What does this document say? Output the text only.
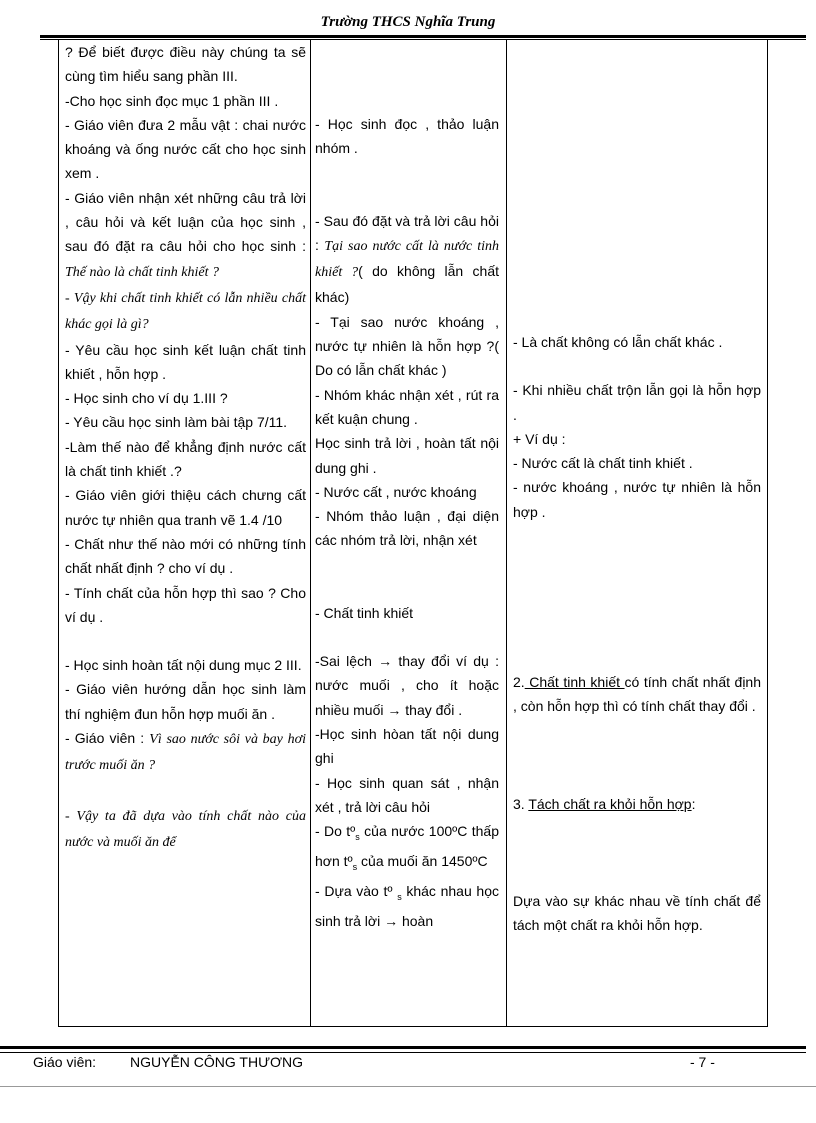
Trường THCS Nghĩa Trung

? Để biết được điều này chúng ta sẽ cùng tìm hiểu sang phần III.

-Cho học sinh đọc mục 1 phần III .

- Giáo viên đưa 2 mẫu vật : chai nước khoáng và ống nước cất cho học sinh xem .

- Giáo viên nhận xét những câu trả lời , câu hỏi và kết luận của học sinh , sau đó đặt ra câu hỏi cho học sinh : Thế nào là chất tinh khiết ?

- Vậy khi chất tinh khiết có lẫn nhiều chất khác gọi là gì?

- Yêu cầu học sinh kết luận chất tinh khiết , hỗn hợp .

- Học sinh cho ví dụ 1.III ?

- Yêu cầu học sinh làm bài tập 7/11.

-Làm thế nào để khẳng định nước cất là chất tinh khiết .?

- Giáo viên giới thiệu cách chưng cất nước tự nhiên qua tranh vẽ 1.4 /10

- Chất như thế nào mới có những tính chất nhất định ? cho ví dụ .

- Tính chất của hỗn hợp thì sao ? Cho ví dụ .

- Học sinh hoàn tất nội dung mục 2 III.

- Giáo viên hướng dẫn học sinh làm thí nghiệm đun hỗn hợp muối ăn .

- Giáo viên : Vì sao nước sôi và bay hơi trước muối ăn ?

- Vậy ta đã dựa vào tính chất nào của nước và muối ăn để

- Học sinh đọc , thảo luận nhóm .

- Sau đó đặt và trả lời câu hỏi : Tại sao nước cất là nước tinh khiết ?( do không lẫn chất khác)

- Tại sao nước khoáng , nước tự nhiên là hỗn hợp ?( Do có lẫn chất khác )

- Nhóm khác nhận xét , rút ra kết kuận chung .

Học sinh trả lời , hoàn tất nội dung ghi .

- Nước cất , nước khoáng

- Nhóm thảo luận , đại diện các nhóm trả lời, nhận xét

- Chất tinh khiết

-Sai lệch → thay đổi ví dụ : nước muối , cho ít hoặc nhiều muối → thay đổi .

-Học sinh hòan tất nội dung ghi

- Học sinh quan sát , nhận xét , trả lời câu hỏi

- Do tº$_s$ của nước 100ºC thấp hơn tº$_s$ của muối ăn 1450ºC

- Dựa vào tº $_s$ khác nhau học sinh trả lời → hoàn

- Là chất không có lẫn chất khác .

- Khi nhiều chất trộn lẫn gọi là hỗn hợp .

+ Ví dụ :

- Nước cất là chất tinh khiết .

- nước khoáng , nước tự nhiên là hỗn hợp .

2. Chất tinh khiết có tính chất nhất định , còn hỗn hợp thì có tính chất thay đổi .

3. Tách chất ra khỏi hỗn hợp:

Dựa vào sự khác nhau về tính chất để tách một chất ra khỏi hỗn hợp.

Giáo viên: NGUYỄN CÔNG THƯƠNG	- 7 -
